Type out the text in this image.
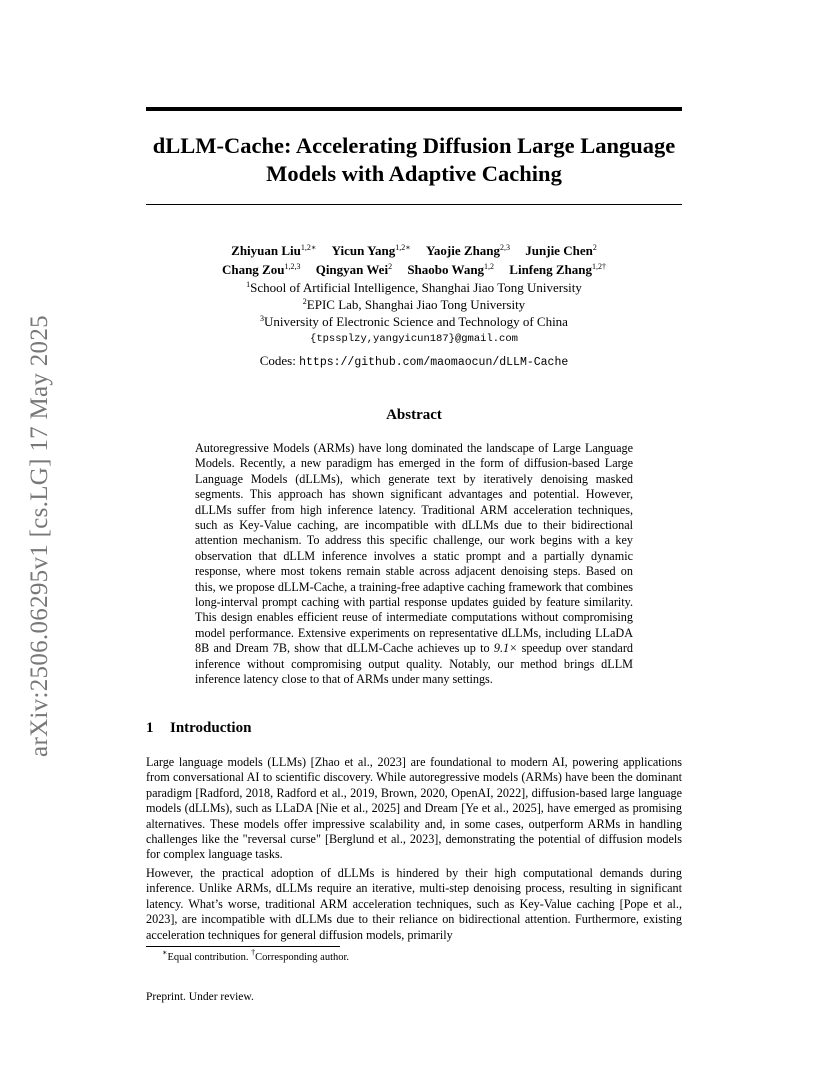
arXiv:2506.06295v1 [cs.LG] 17 May 2025
dLLM-Cache: Accelerating Diffusion Large Language
Models with Adaptive Caching
Zhiyuan Liu$^{1,2∗}$ Yicun Yang$^{1,2∗}$ Yaojie Zhang$^{2,3}$ Junjie Chen$^2$
Chang Zou$^{1,2,3}$ Qingyan Wei$^2$ Shaobo Wang$^{1,2}$ Linfeng Zhang$^{1,2\dagger}$
$^1$School of Artificial Intelligence, Shanghai Jiao Tong University
$^2$EPIC Lab, Shanghai Jiao Tong University
$^3$University of Electronic Science and Technology of China
{tpssplzy,yangyicun187}@gmail.com
Codes: https://github.com/maomaocun/dLLM-Cache
Abstract
Autoregressive Models (ARMs) have long dominated the landscape of Large Language Models. Recently, a new paradigm has emerged in the form of diffusion-based Large Language Models (dLLMs), which generate text by iteratively denoising masked segments. This approach has shown significant advantages and potential. However, dLLMs suffer from high inference latency. Traditional ARM acceleration techniques, such as Key-Value caching, are incompatible with dLLMs due to their bidirectional attention mechanism. To address this specific challenge, our work begins with a key observation that dLLM inference involves a static prompt and a partially dynamic response, where most tokens remain stable across adjacent denoising steps. Based on this, we propose dLLM-Cache, a training-free adaptive caching framework that combines long-interval prompt caching with partial response updates guided by feature similarity. This design enables efficient reuse of intermediate computations without compromising model performance. Extensive experiments on representative dLLMs, including LLaDA 8B and Dream 7B, show that dLLM-Cache achieves up to 9.1× speedup over standard inference without compromising output quality. Notably, our method brings dLLM inference latency close to that of ARMs under many settings.
1 Introduction

Large language models (LLMs) [Zhao et al., 2023] are foundational to modern AI, powering applications from conversational AI to scientific discovery. While autoregressive models (ARMs) have been the dominant paradigm [Radford, 2018, Radford et al., 2019, Brown, 2020, OpenAI, 2022], diffusion-based large language models (dLLMs), such as LLaDA [Nie et al., 2025] and Dream [Ye et al., 2025], have emerged as promising alternatives. These models offer impressive scalability and, in some cases, outperform ARMs in handling challenges like the "reversal curse" [Berglund et al., 2023], demonstrating the potential of diffusion models for complex language tasks.

However, the practical adoption of dLLMs is hindered by their high computational demands during inference. Unlike ARMs, dLLMs require an iterative, multi-step denoising process, resulting in significant latency. What’s worse, traditional ARM acceleration techniques, such as Key-Value caching [Pope et al., 2023], are incompatible with dLLMs due to their reliance on bidirectional attention. Furthermore, existing acceleration techniques for general diffusion models, primarily

∗Equal contribution. †Corresponding author.
Preprint. Under review.
